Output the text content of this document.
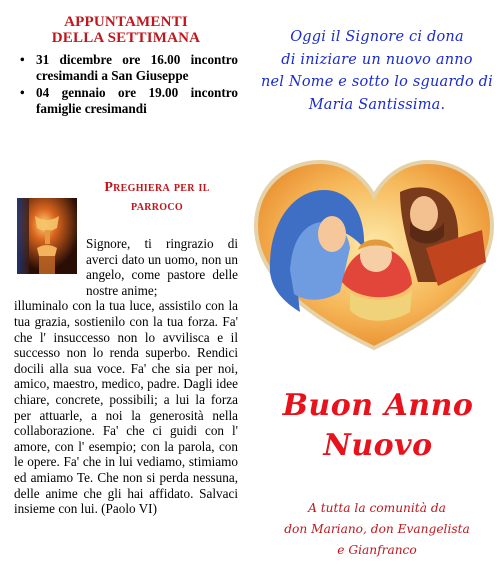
APPUNTAMENTI
DELLA SETTIMANA
• 31 dicembre ore 16.00 incontro cresimandi a San Giuseppe
• 04 gennaio ore 19.00 incontro famiglie cresimandi
Preghiera per il
parroco
Signore, ti ringrazio di averci dato un uomo, non un angelo, come pastore delle nostre anime;
illuminalo con la tua luce, assistilo con la tua grazia, sostienilo con la tua forza. Fa' che l' insuccesso non lo avvilisca e il successo non lo renda superbo. Rendici docili alla sua voce. Fa' che sia per noi, amico, maestro, medico, padre. Dagli idee chiare, concrete, possibili; a lui la forza per attuarle, a noi la generosità nella collaborazione. Fa' che ci guidi con l' amore, con l' esempio; con la parola, con le opere. Fa' che in lui vediamo, stimiamo ed amiamo Te. Che non si perda nessuna, delle anime che gli hai affidato. Salvaci insieme con lui. (Paolo VI)
Oggi il Signore ci dona
di iniziare un nuovo anno
nel Nome e sotto lo sguardo di
Maria Santissima.
Buon Anno
Nuovo
A tutta la comunità da
don Mariano, don Evangelista
e Gianfranco
